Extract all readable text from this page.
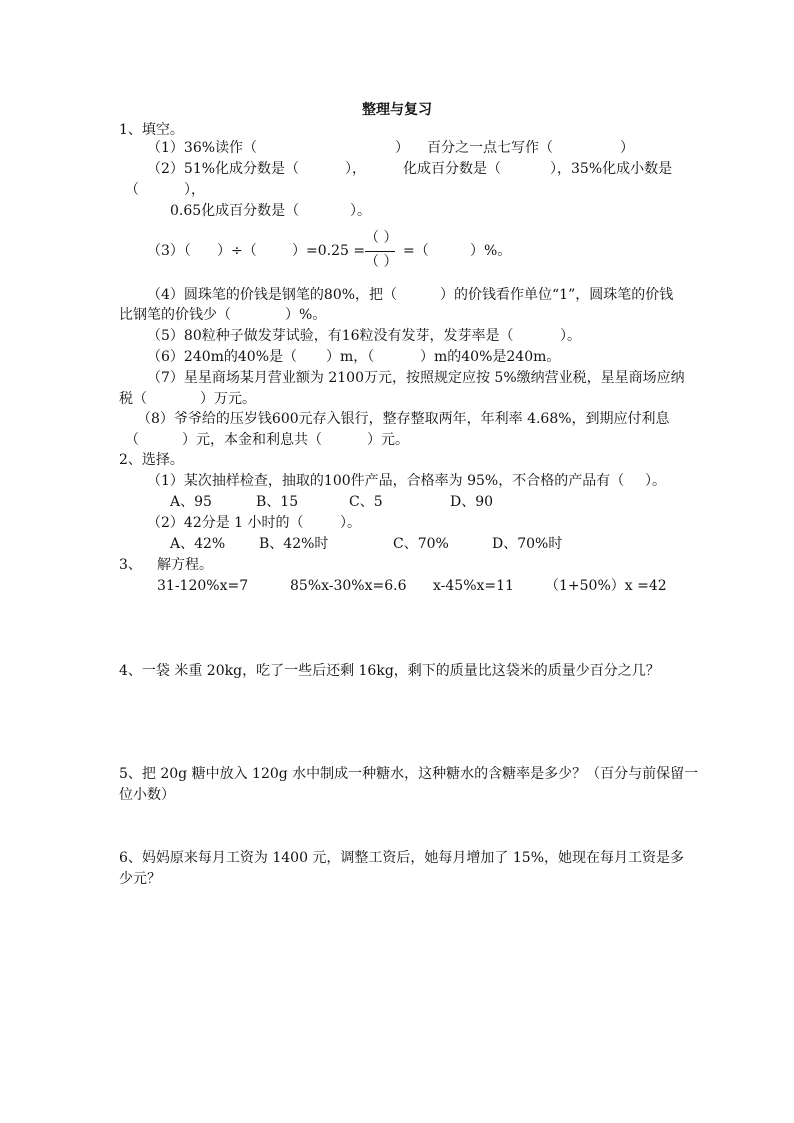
整理与复习
1、填空。
（1）36%读作（	） 百分之一点七写作（	）
（2）51%化成分数是（	），	化成百分数是（	），35%化成小数是
（	），
0.65化成百分数是（	）。
（3）（ ）÷（	）=0.25 =
（ ）
（ ）
=（	）%。
（4）圆珠笔的价钱是钢笔的80%，把（	）的价钱看作单位“1”，圆珠笔的价钱
比钢笔的价钱少（	）%。
（5）80粒种子做发芽试验，有16粒没有发芽，发芽率是（	）。
（6）240m的40%是（ ）m，（	）m的40%是240m。
（7）星星商场某月营业额为 2100万元，按照规定应按 5%缴纳营业税，星星商场应纳
税（	）万元。
（8）爷爷给的压岁钱600元存入银行，整存整取两年，年利率 4.68%，到期应付利息
（	）元，本金和利息共（	）元。
2、选择。
（1）某次抽样检查，抽取的100件产品，合格率为 95%，不合格的产品有（ ）。
A、95	B、15	C、5	D、90
（2）42分是 1 小时的（	）。
A、42% B、42%时	C、70%	D、70%时
3、 解方程。
31-120%x=7	85%x-30%x=6.6 x-45%x=11 （1+50%）x =42
4、一袋 米重 20kg，吃了一些后还剩 16kg，剩下的质量比这袋米的质量少百分之几？
5、把 20g 糖中放入 120g 水中制成一种糖水，这种糖水的含糖率是多少？（百分与前保留一
位小数）
6、妈妈原来每月工资为 1400 元，调整工资后，她每月增加了 15%，她现在每月工资是多
少元？
